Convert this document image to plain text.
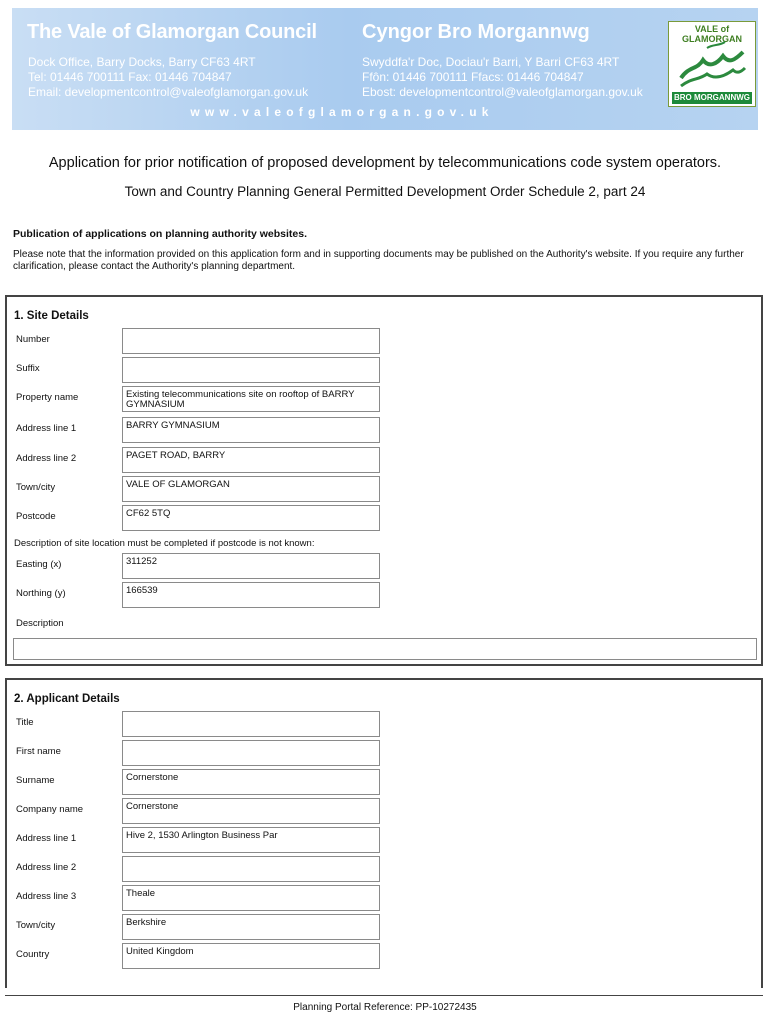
The Vale of Glamorgan Council Cyngor Bro Morgannwg
Dock Office, Barry Docks, Barry CF63 4RT
Tel: 01446 700111 Fax: 01446 704847
Email: developmentcontrol@valeofglamorgan.gov.uk
Swyddfa'r Doc, Dociau'r Barri, Y Barri CF63 4RT
Ffôn: 01446 700111 Ffacs: 01446 704847
Ebost: developmentcontrol@valeofglamorgan.gov.uk
www.valeofglamorgan.gov.uk
VALE of GLAMORGAN
BRO MORGANNWG
Application for prior notification of proposed development by telecommunications code system operators.
Town and Country Planning General Permitted Development Order Schedule 2, part 24
Publication of applications on planning authority websites.
Please note that the information provided on this application form and in supporting documents may be published on the Authority's website. If you require any further clarification, please contact the Authority's planning department.
1. Site Details
Number
Suffix
Property name	Existing telecommunications site on rooftop of BARRY GYMNASIUM
Address line 1	BARRY GYMNASIUM
Address line 2	PAGET ROAD, BARRY
Town/city	VALE OF GLAMORGAN
Postcode	CF62 5TQ
Description of site location must be completed if postcode is not known:
Easting (x)	311252
Northing (y)	166539
Description
2. Applicant Details
Title
First name
Surname	Cornerstone
Company name	Cornerstone
Address line 1	Hive 2, 1530 Arlington Business Par
Address line 2
Address line 3	Theale
Town/city	Berkshire
Country	United Kingdom
Planning Portal Reference: PP-10272435
